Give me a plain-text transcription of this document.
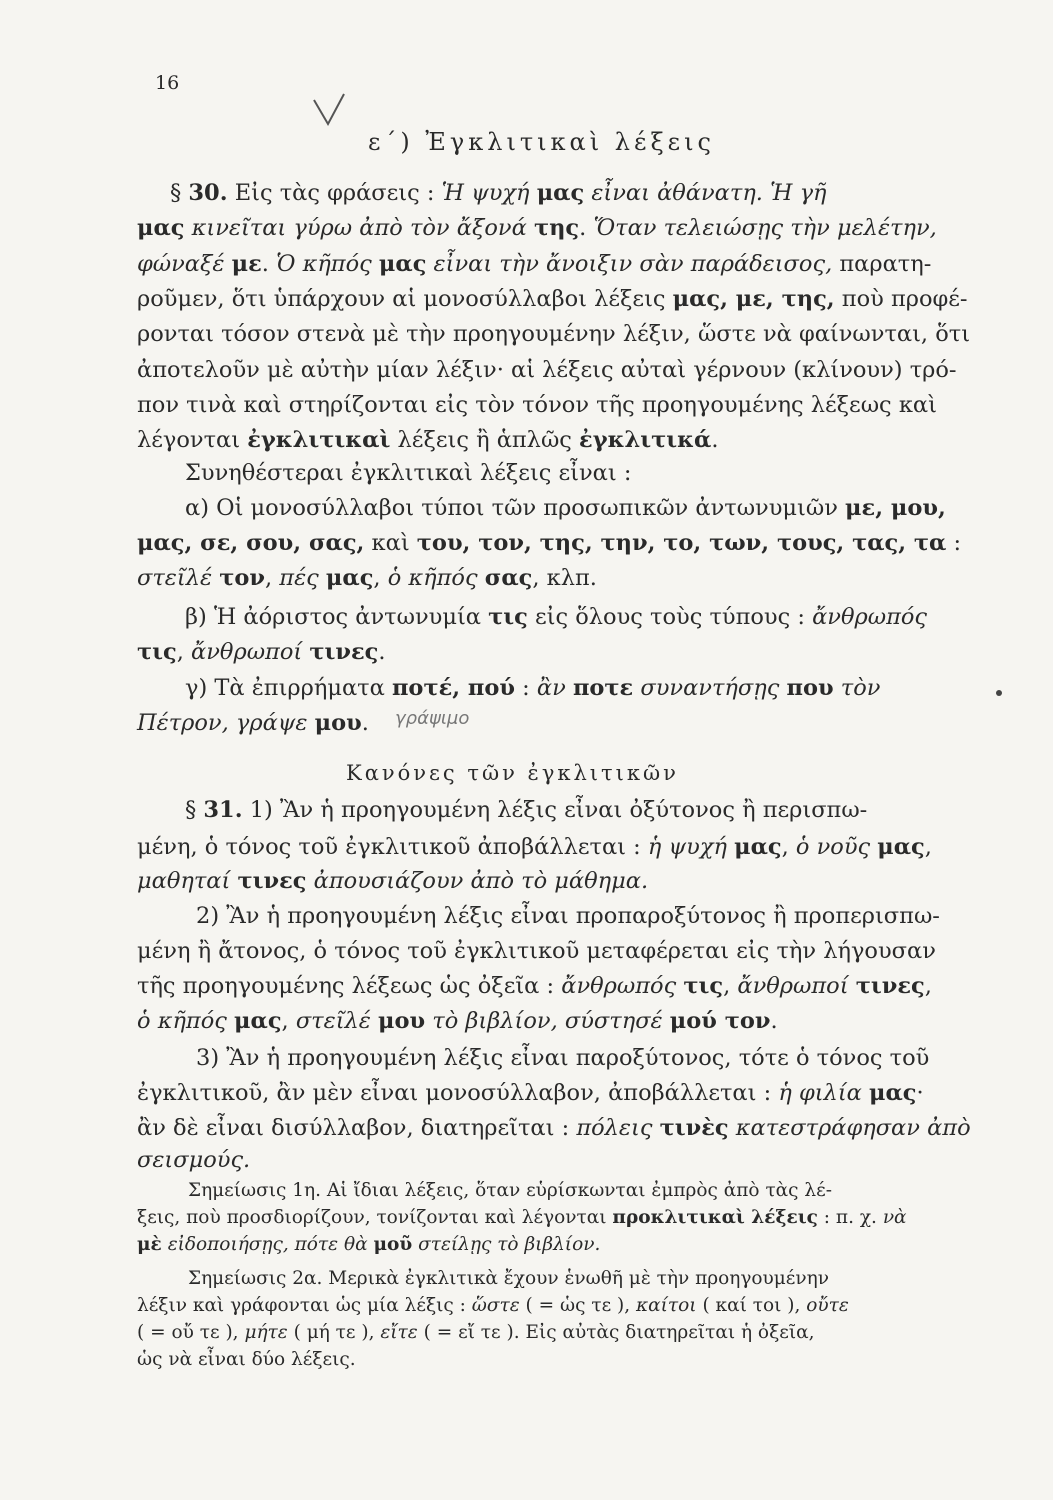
16
ε΄) Ἐγκλιτικαὶ λέξεις
§ 30. Εἰς τὰς φράσεις : Ἡ ψυχή μας εἶναι ἀθάνατη. Ἡ γῆ
μας κινεῖται γύρω ἀπὸ τὸν ἄξονά της. Ὅταν τελειώσῃς τὴν μελέτην,
φώναξέ με. Ὁ κῆπός μας εἶναι τὴν ἄνοιξιν σὰν παράδεισος, παρατη-
ροῦμεν, ὅτι ὑπάρχουν αἱ μονοσύλλαβοι λέξεις μας, με, της, ποὺ προφέ-
ρονται τόσον στενὰ μὲ τὴν προηγουμένην λέξιν, ὥστε νὰ φαίνωνται, ὅτι
ἀποτελοῦν μὲ αὐτὴν μίαν λέξιν· αἱ λέξεις αὐταὶ γέρνουν (κλίνουν) τρό-
πον τινὰ καὶ στηρίζονται εἰς τὸν τόνον τῆς προηγουμένης λέξεως καὶ
λέγονται ἐγκλιτικαὶ λέξεις ἢ ἁπλῶς ἐγκλιτικά.
Συνηθέστεραι ἐγκλιτικαὶ λέξεις εἶναι :
α) Οἱ μονοσύλλαβοι τύποι τῶν προσωπικῶν ἀντωνυμιῶν με, μου,
μας, σε, σου, σας, καὶ του, τον, της, την, το, των, τους, τας, τα :
στεῖλέ τον, πές μας, ὁ κῆπός σας, κλπ.
β) Ἡ ἀόριστος ἀντωνυμία τις εἰς ὅλους τοὺς τύπους : ἄνθρωπός
τις, ἄνθρωποί τινες.
γ) Τὰ ἐπιρρήματα ποτέ, πού : ἂν ποτε συναντήσῃς που τὸν
Πέτρον, γράψε μου.	γράψιμο
Κανόνες τῶν ἐγκλιτικῶν
§ 31. 1) Ἂν ἡ προηγουμένη λέξις εἶναι ὀξύτονος ἢ περισπω-
μένη, ὁ τόνος τοῦ ἐγκλιτικοῦ ἀποβάλλεται : ἡ ψυχή μας, ὁ νοῦς μας,
μαθηταί τινες ἀπουσιάζουν ἀπὸ τὸ μάθημα.
2) Ἂν ἡ προηγουμένη λέξις εἶναι προπαροξύτονος ἢ προπερισπω-
μένη ἢ ἄτονος, ὁ τόνος τοῦ ἐγκλιτικοῦ μεταφέρεται εἰς τὴν λήγουσαν
τῆς προηγουμένης λέξεως ὡς ὀξεῖα : ἄνθρωπός τις, ἄνθρωποί τινες,
ὁ κῆπός μας, στεῖλέ μου τὸ βιβλίον, σύστησέ μού τον.
3) Ἂν ἡ προηγουμένη λέξις εἶναι παροξύτονος, τότε ὁ τόνος τοῦ
ἐγκλιτικοῦ, ἂν μὲν εἶναι μονοσύλλαβον, ἀποβάλλεται : ἡ φιλία μας·
ἂν δὲ εἶναι δισύλλαβον, διατηρεῖται : πόλεις τινὲς κατεστράφησαν ἀπὸ
σεισμούς.
Σημείωσις 1η. Αἱ ἴδιαι λέξεις, ὅταν εὑρίσκωνται ἐμπρὸς ἀπὸ τὰς λέ-
ξεις, ποὺ προσδιορίζουν, τονίζονται καὶ λέγονται προκλιτικαὶ λέξεις : π. χ. νὰ
μὲ εἰδοποιήσῃς, πότε θὰ μοῦ στείλῃς τὸ βιβλίον.
Σημείωσις 2α. Μερικὰ ἐγκλιτικὰ ἔχουν ἑνωθῆ μὲ τὴν προηγουμένην
λέξιν καὶ γράφονται ὡς μία λέξις : ὥστε ( = ὡς τε ), καίτοι ( καί τοι ), οὔτε
( = οὔ τε ), μήτε ( μή τε ), εἴτε ( = εἴ τε ). Εἰς αὐτὰς διατηρεῖται ἡ ὀξεῖα,
ὡς νὰ εἶναι δύο λέξεις.
